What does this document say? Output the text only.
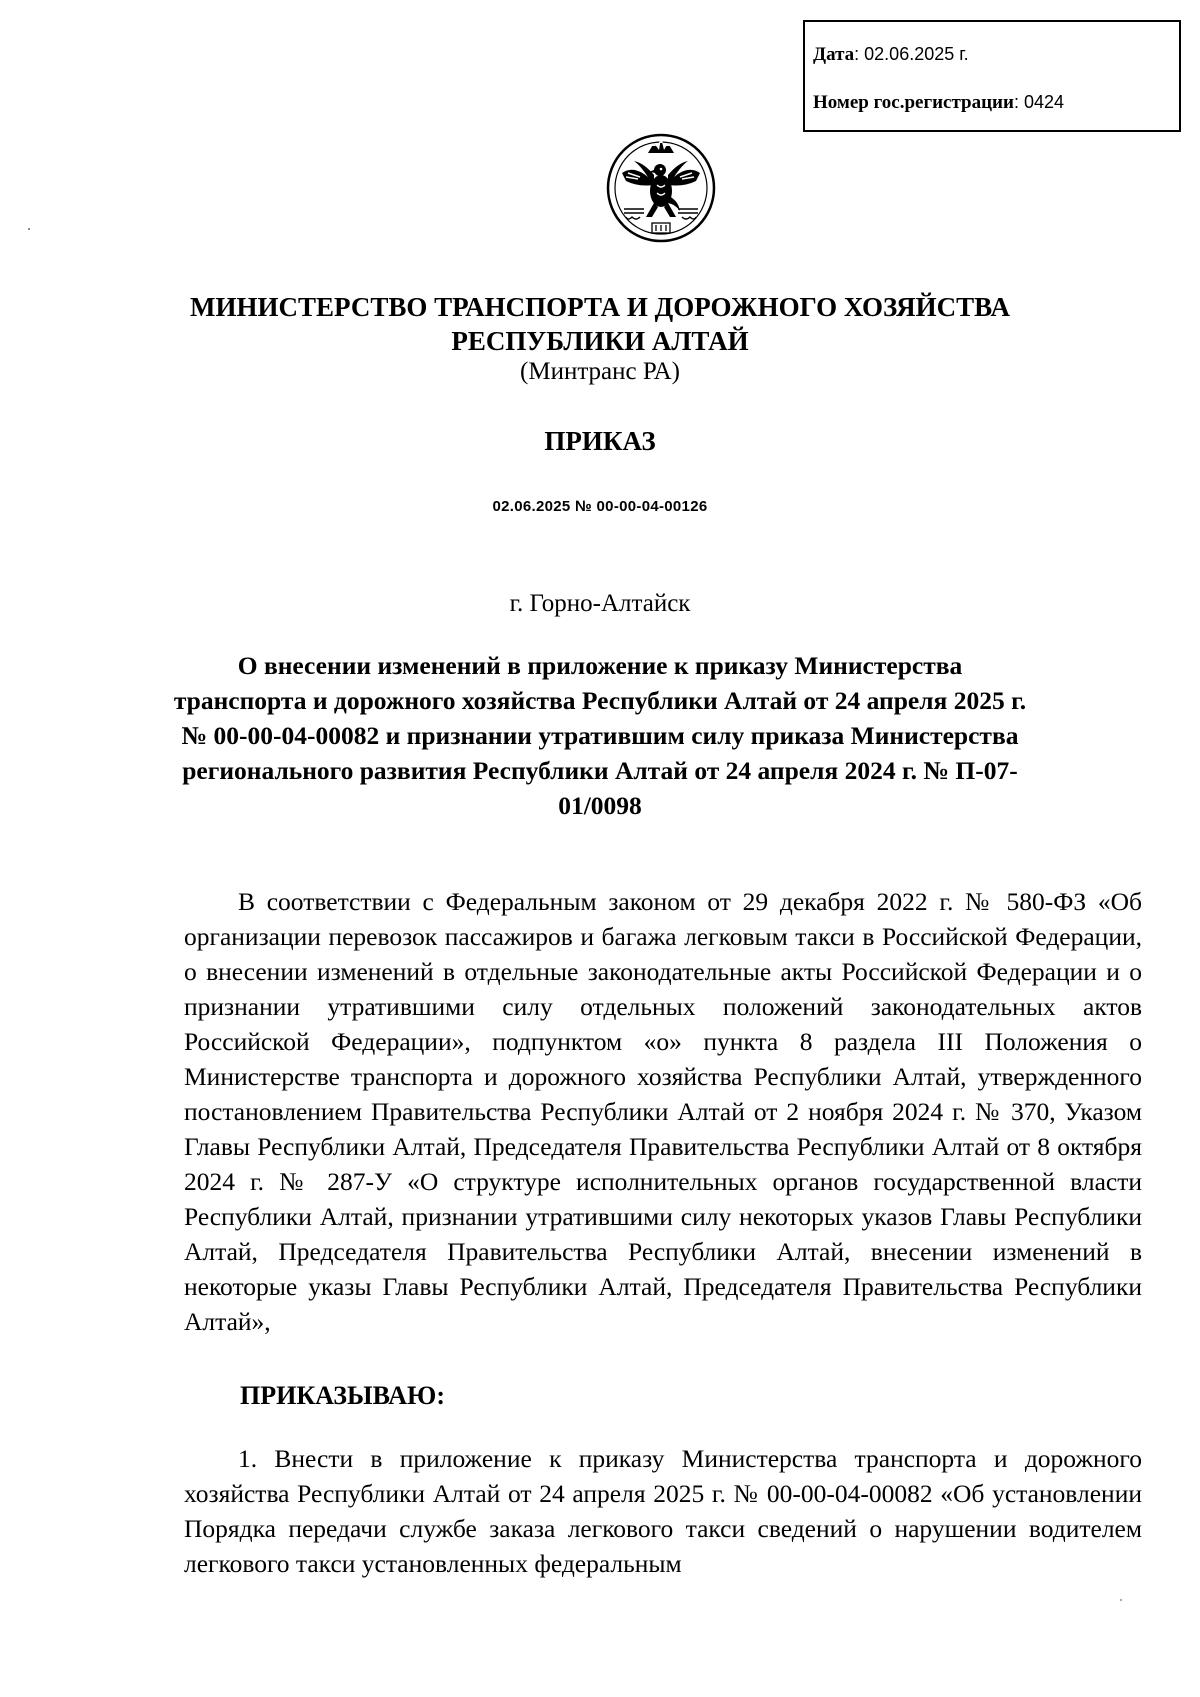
Дата: 02.06.2025 г.
Номер гос.регистрации: 0424
МИНИСТЕРСТВО ТРАНСПОРТА И ДОРОЖНОГО ХОЗЯЙСТВА
РЕСПУБЛИКИ АЛТАЙ
(Минтранс РА)
ПРИКАЗ
02.06.2025 № 00-00-04-00126
г. Горно-Алтайск
О внесении изменений в приложение к приказу Министерства
транспорта и дорожного хозяйства Республики Алтай от 24 апреля 2025 г.
№ 00-00-04-00082 и признании утратившим силу приказа Министерства
регионального развития Республики Алтай от 24 апреля 2024 г. № П-07-
01/0098
В соответствии с Федеральным законом от 29 декабря 2022 г. № 580-ФЗ «Об организации перевозок пассажиров и багажа легковым такси в Российской Федерации, о внесении изменений в отдельные законодательные акты Российской Федерации и о признании утратившими силу отдельных положений законодательных актов Российской Федерации», подпунктом «о» пункта 8 раздела III Положения о Министерстве транспорта и дорожного хозяйства Республики Алтай, утвержденного постановлением Правительства Республики Алтай от 2 ноября 2024 г. № 370, Указом Главы Республики Алтай, Председателя Правительства Республики Алтай от 8 октября 2024 г. № 287-У «О структуре исполнительных органов государственной власти Республики Алтай, признании утратившими силу некоторых указов Главы Республики Алтай, Председателя Правительства Республики Алтай, внесении изменений в некоторые указы Главы Республики Алтай, Председателя Правительства Республики Алтай»,
ПРИКАЗЫВАЮ:
1. Внести в приложение к приказу Министерства транспорта и дорожного хозяйства Республики Алтай от 24 апреля 2025 г. № 00-00-04-00082 «Об установлении Порядка передачи службе заказа легкового такси сведений о нарушении водителем легкового такси установленных федеральным
